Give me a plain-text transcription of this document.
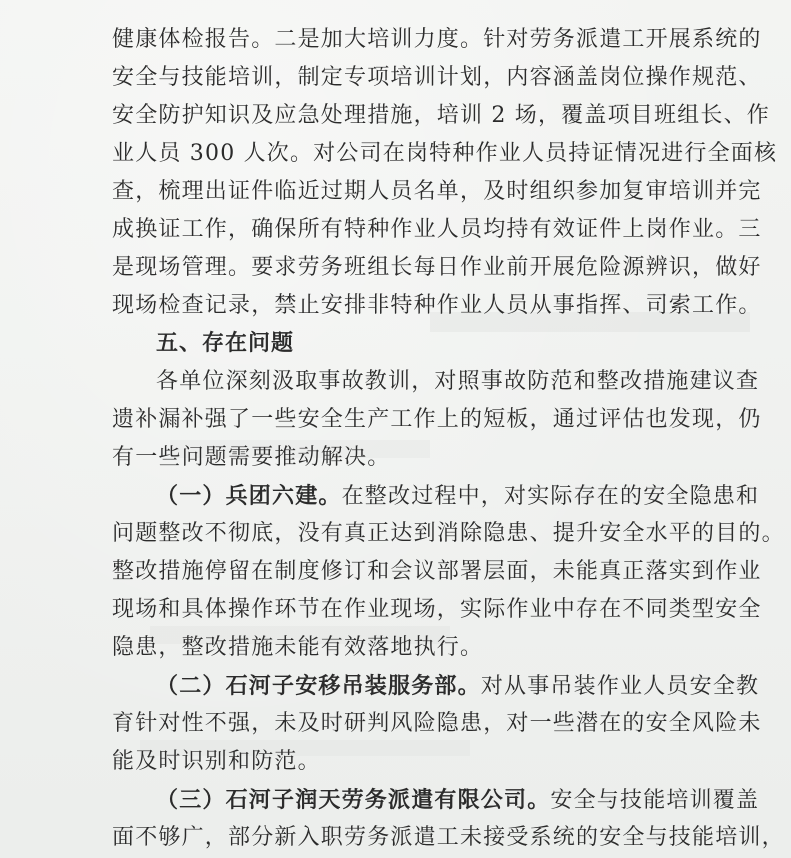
健康体检报告。二是加大培训力度。针对劳务派遣工开展系统的
安全与技能培训，制定专项培训计划，内容涵盖岗位操作规范、
安全防护知识及应急处理措施，培训 2 场，覆盖项目班组长、作
业人员 300 人次。对公司在岗特种作业人员持证情况进行全面核
查，梳理出证件临近过期人员名单，及时组织参加复审培训并完
成换证工作，确保所有特种作业人员均持有效证件上岗作业。三
是现场管理。要求劳务班组长每日作业前开展危险源辨识，做好
现场检查记录，禁止安排非特种作业人员从事指挥、司索工作。
五、存在问题
各单位深刻汲取事故教训，对照事故防范和整改措施建议查
遗补漏补强了一些安全生产工作上的短板，通过评估也发现，仍
有一些问题需要推动解决。
（一）兵团六建。在整改过程中，对实际存在的安全隐患和
问题整改不彻底，没有真正达到消除隐患、提升安全水平的目的。
整改措施停留在制度修订和会议部署层面，未能真正落实到作业
现场和具体操作环节在作业现场，实际作业中存在不同类型安全
隐患，整改措施未能有效落地执行。
（二）石河子安移吊装服务部。对从事吊装作业人员安全教
育针对性不强，未及时研判风险隐患，对一些潜在的安全风险未
能及时识别和防范。
（三）石河子润天劳务派遣有限公司。安全与技能培训覆盖
面不够广，部分新入职劳务派遣工未接受系统的安全与技能培训，
